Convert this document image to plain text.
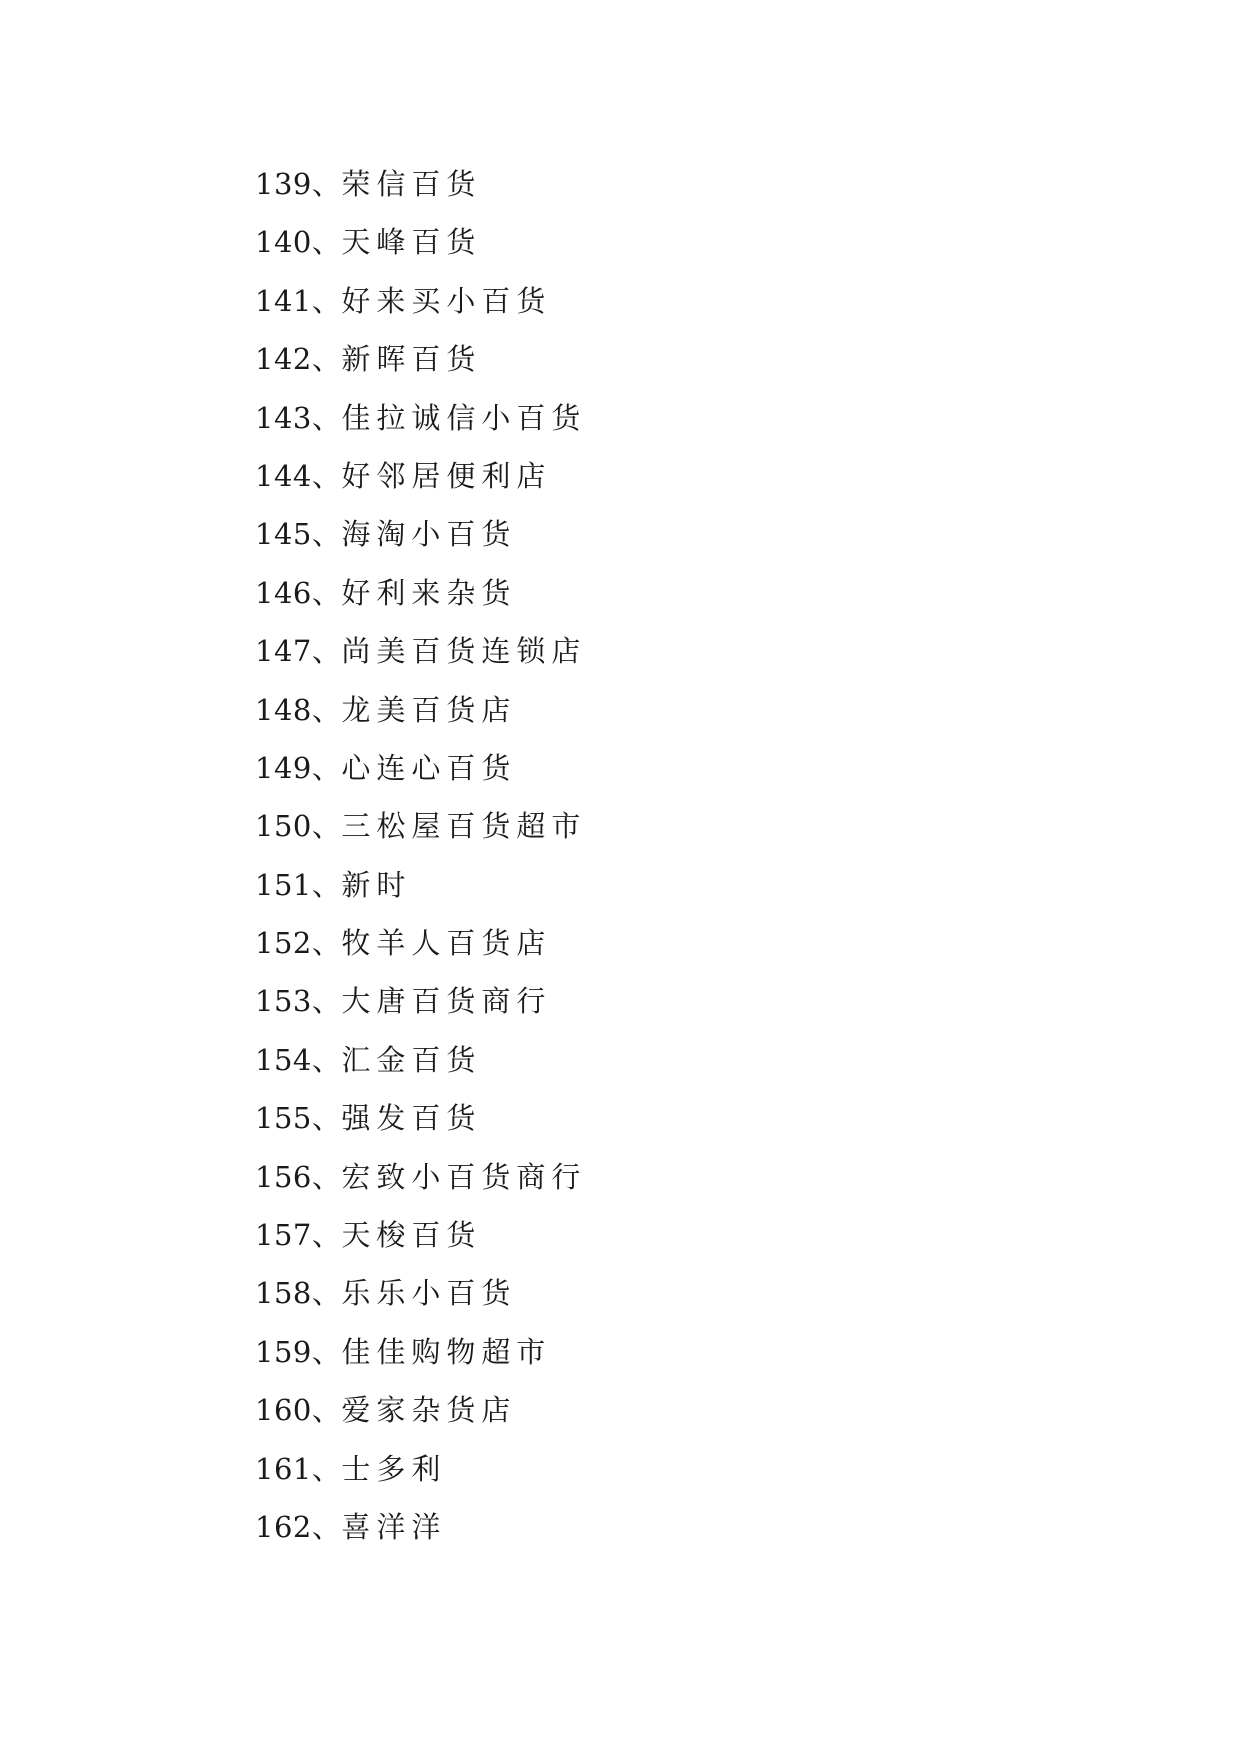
139、荣信百货
140、天峰百货
141、好来买小百货
142、新晖百货
143、佳拉诚信小百货
144、好邻居便利店
145、海淘小百货
146、好利来杂货
147、尚美百货连锁店
148、龙美百货店
149、心连心百货
150、三松屋百货超市
151、新时
152、牧羊人百货店
153、大唐百货商行
154、汇金百货
155、强发百货
156、宏致小百货商行
157、天梭百货
158、乐乐小百货
159、佳佳购物超市
160、爱家杂货店
161、士多利
162、喜洋洋
